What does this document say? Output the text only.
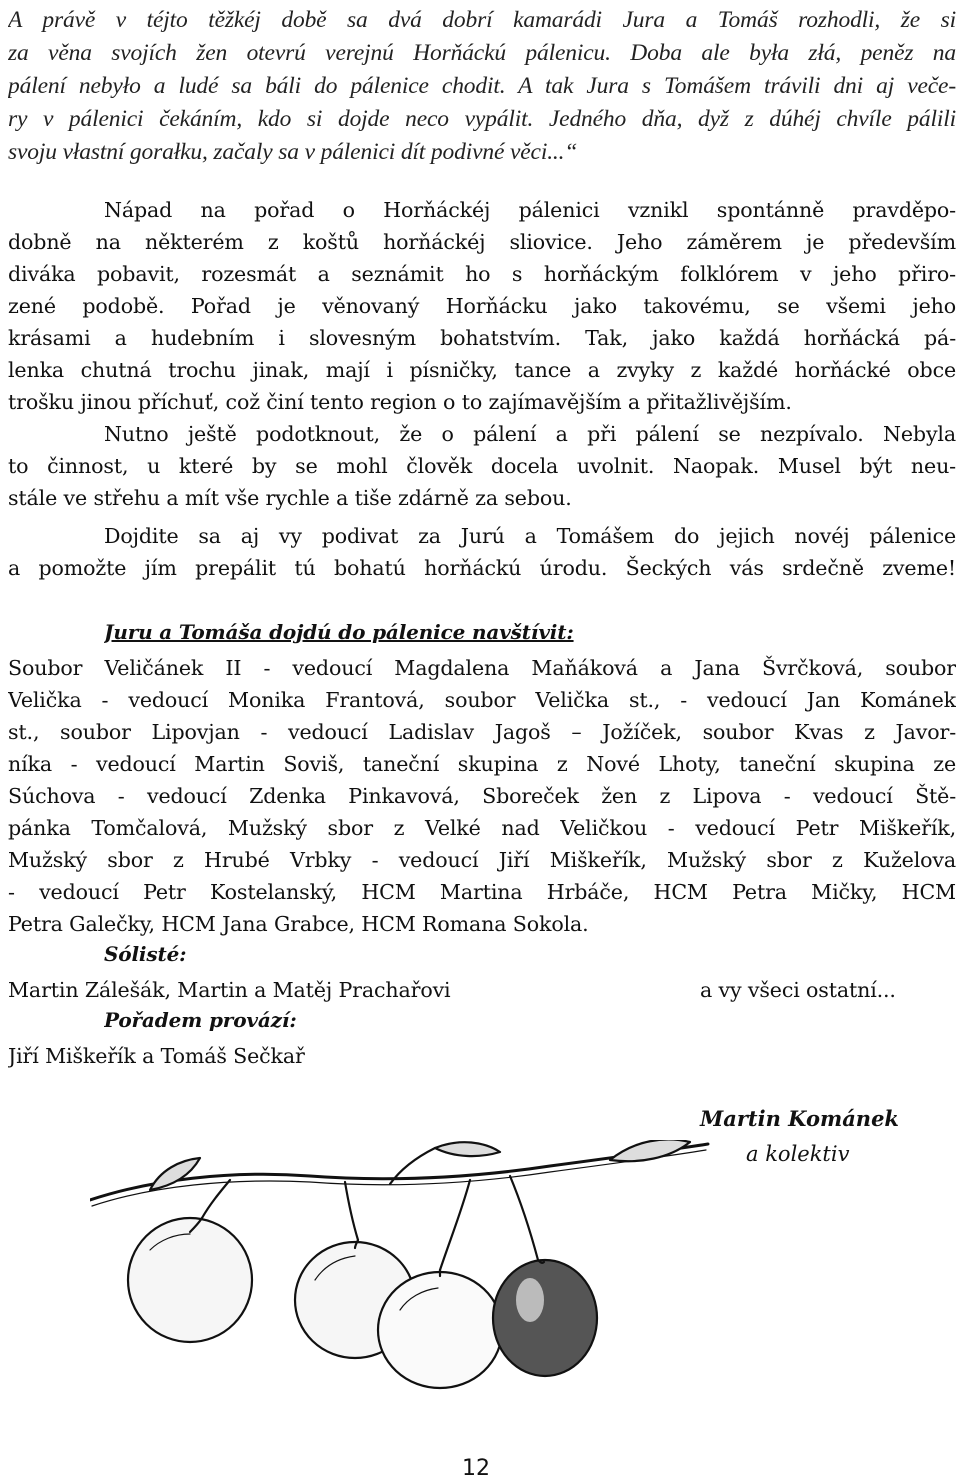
A právě v téjto těžkéj době sa dvá dobrí kamarádi Jura a Tomáš rozhodli, že si
za věna svojích žen otevrú verejnú Horňáckú pálenicu. Doba ale była złá, peněz na
pálení nebyło a ludé sa báli do pálenice chodit. A tak Jura s Tomášem trávili dni aj veče-
ry v pálenici čekáním, kdo si dojde neco vypálit. Jedného dňa, dyž z dúhéj chvíle pálili
svoju vłastní gorałku, začaly sa v pálenici dít podivné věci...“
Nápad na pořad o Horňáckéj pálenici vznikl spontánně pravděpo-
dobně na některém z koštů horňáckéj sliovice. Jeho záměrem je především
diváka pobavit, rozesmát a seznámit ho s horňáckým folklórem v jeho přiro-
zené podobě. Pořad je věnovaný Horňácku jako takovému, se všemi jeho
krásami a hudebním i slovesným bohatstvím. Tak, jako každá horňácká pá-
lenka chutná trochu jinak, mají i písničky, tance a zvyky z každé horňácké obce
trošku jinou příchuť, což činí tento region o to zajímavějším a přitažlivějším.
Nutno ještě podotknout, že o pálení a při pálení se nezpívalo. Nebyla
to činnost, u které by se mohl člověk docela uvolnit. Naopak. Musel být neu-
stále ve střehu a mít vše rychle a tiše zdárně za sebou.
Dojdite sa aj vy podivat za Jurú a Tomášem do jejich novéj pálenice
a pomožte jím prepálit tú bohatú horňáckú úrodu. Šeckých vás srdečně zveme!
Juru a Tomáša dojdú do pálenice navštívit:
Soubor Veličánek II - vedoucí Magdalena Maňáková a Jana Švrčková, soubor
Velička - vedoucí Monika Frantová, soubor Velička st., - vedoucí Jan Kománek
st., soubor Lipovjan - vedoucí Ladislav Jagoš – Jožíček, soubor Kvas z Javor-
níka - vedoucí Martin Soviš, taneční skupina z Nové Lhoty, taneční skupina ze
Súchova - vedoucí Zdenka Pinkavová, Sboreček žen z Lipova - vedoucí Ště-
pánka Tomčalová, Mužský sbor z Velké nad Veličkou - vedoucí Petr Miškeřík,
Mužský sbor z Hrubé Vrbky - vedoucí Jiří Miškeřík, Mužský sbor z Kuželova
- vedoucí Petr Kostelanský, HCM Martina Hrbáče, HCM Petra Mičky, HCM
Petra Galečky, HCM Jana Grabce, HCM Romana Sokola.
Sólisté:
Martin Zálešák, Martin a Matěj Prachařovi	a vy všeci ostatní...
Pořadem provází:
Jiří Miškeřík a Tomáš Sečkař
Martin Kománek
a kolektiv
12
